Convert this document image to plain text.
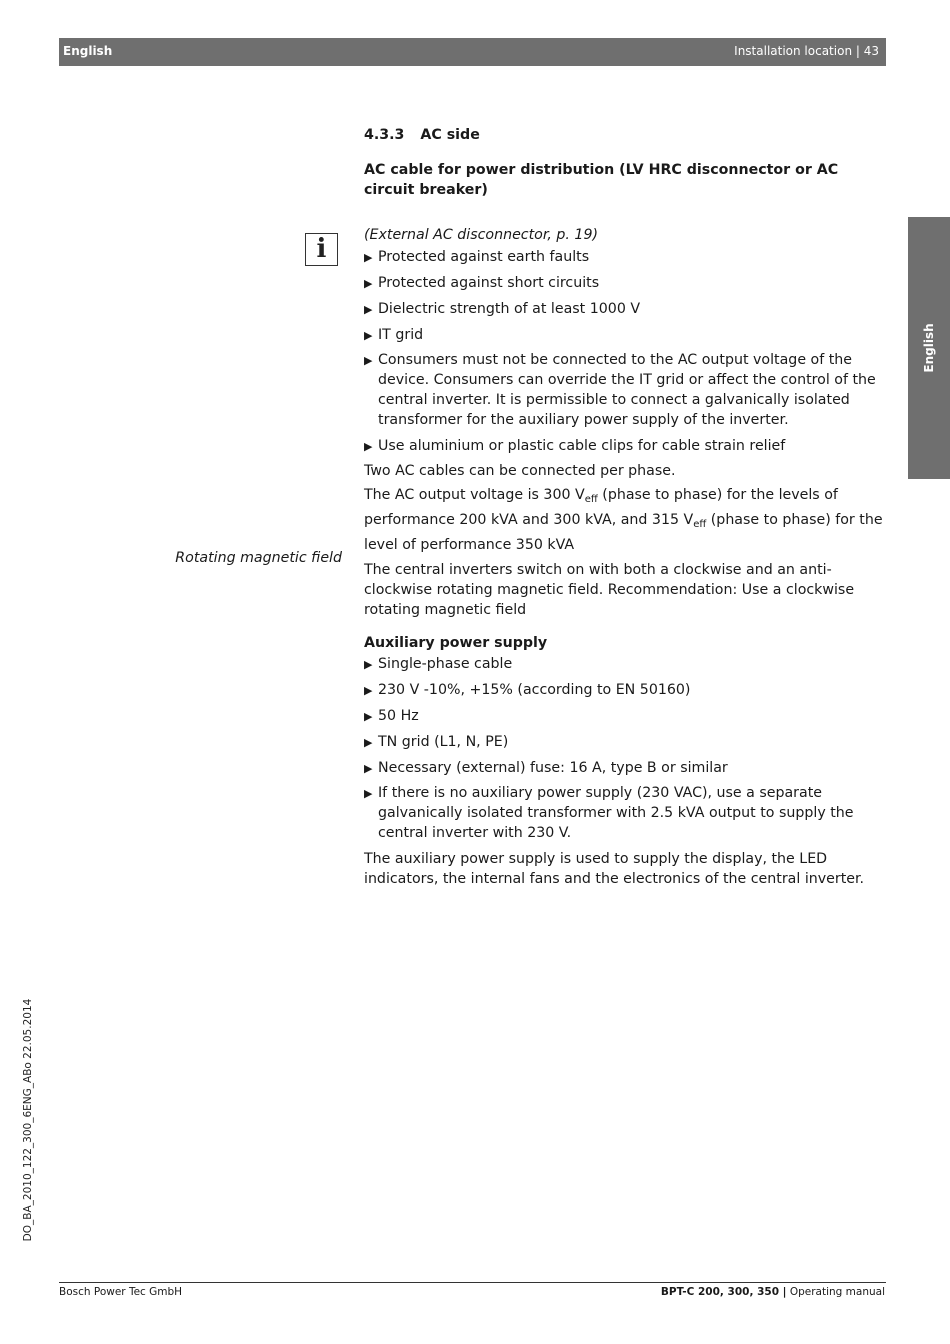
English	Installation location | 43
English
i
Rotating magnetic field
4.3.3 AC side
AC cable for power distribution (LV HRC disconnector or AC circuit breaker)
(External AC disconnector, p. 19)
▶ Protected against earth faults
▶ Protected against short circuits
▶ Dielectric strength of at least 1000 V
▶ IT grid
▶ Consumers must not be connected to the AC output voltage of the device. Consumers can override the IT grid or affect the control of the central inverter. It is permissible to connect a galvanically isolated transformer for the auxiliary power supply of the inverter.
▶ Use aluminium or plastic cable clips for cable strain relief

Two AC cables can be connected per phase.

The AC output voltage is 300 $V_{eff}$ (phase to phase) for the levels of performance 200 kVA and 300 kVA, and 315 $V_{eff}$ (phase to phase) for the level of performance 350 kVA

The central inverters switch on with both a clockwise and an anti-clockwise rotating magnetic field. Recommendation: Use a clockwise rotating magnetic field

Auxiliary power supply
▶ Single-phase cable
▶ 230 V -10%, +15% (according to EN 50160)
▶ 50 Hz
▶ TN grid (L1, N, PE)
▶ Necessary (external) fuse: 16 A, type B or similar
▶ If there is no auxiliary power supply (230 VAC), use a separate galvanically isolated transformer with 2.5 kVA output to supply the central inverter with 230 V.

The auxiliary power supply is used to supply the display, the LED indicators, the internal fans and the electronics of the central inverter.

DO_BA_2010_122_300_6ENG_ABo 22.05.2014
Bosch Power Tec GmbH	BPT-C 200, 300, 350 | Operating manual
